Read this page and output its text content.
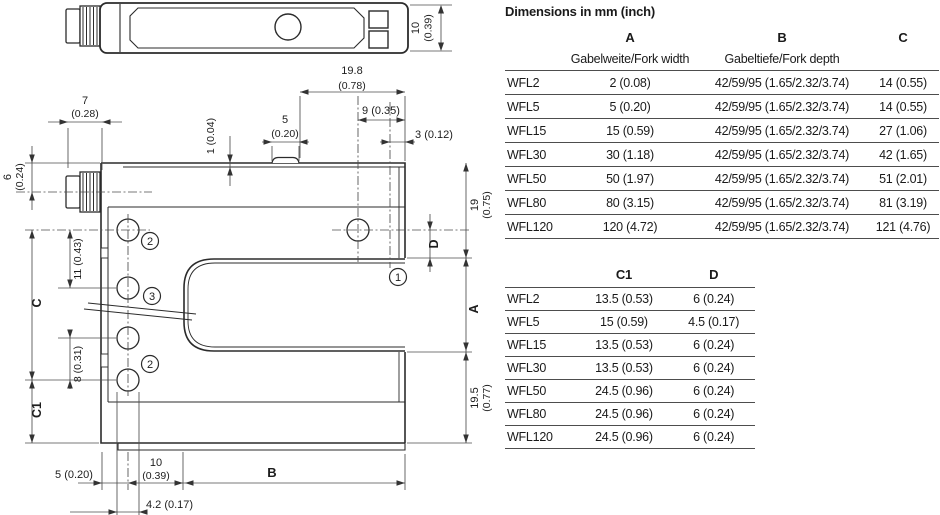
2
3
2
1
7
(0.28)	5
(0.20)
19.8
(0.78)
9 (0.35)
3 (0.12)
5 (0.20)
10
(0.39)	B
4.2 (0.17)
6 (0.24)
1 (0.04)
19 (0.75)
D
A
19.5 (0.77)
11 (0.43)
8 (0.31)
C
C1
10 (0.39)
Dimensions in mm (inch)
	A	B	C
	Gabelweite/Fork width	Gabeltiefe/Fork depth	
WFL2	2 (0.08)	42/59/95 (1.65/2.32/3.74)	14 (0.55)
WFL5	5 (0.20)	42/59/95 (1.65/2.32/3.74)	14 (0.55)
WFL15	15 (0.59)	42/59/95 (1.65/2.32/3.74)	27 (1.06)
WFL30	30 (1.18)	42/59/95 (1.65/2.32/3.74)	42 (1.65)
WFL50	50 (1.97)	42/59/95 (1.65/2.32/3.74)	51 (2.01)
WFL80	80 (3.15)	42/59/95 (1.65/2.32/3.74)	81 (3.19)
WFL120	120 (4.72)	42/59/95 (1.65/2.32/3.74)	121 (4.76)
	C1	D
WFL2	13.5 (0.53)	6 (0.24)
WFL5	15 (0.59)	4.5 (0.17)
WFL15	13.5 (0.53)	6 (0.24)
WFL30	13.5 (0.53)	6 (0.24)
WFL50	24.5 (0.96)	6 (0.24)
WFL80	24.5 (0.96)	6 (0.24)
WFL120	24.5 (0.96)	6 (0.24)
